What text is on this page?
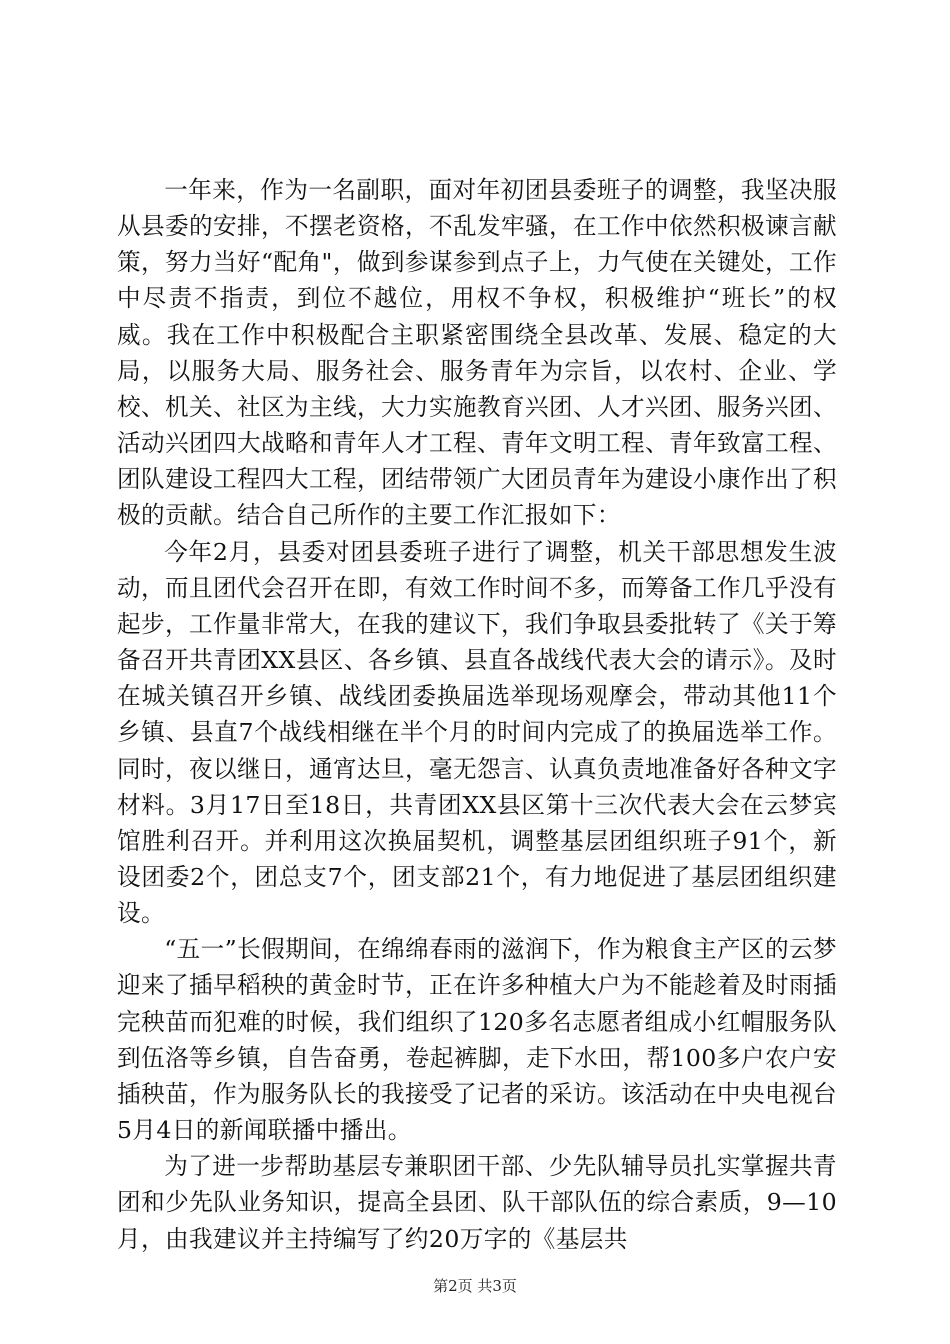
一年来，作为一名副职，面对年初团县委班子的调整，我坚决服从县委的安排，不摆老资格，不乱发牢骚，在工作中依然积极谏言献策，努力当好“配角"，做到参谋参到点子上，力气使在关键处，工作中尽责不指责，到位不越位，用权不争权，积极维护“班长”的权威。我在工作中积极配合主职紧密围绕全县改革、发展、稳定的大局，以服务大局、服务社会、服务青年为宗旨，以农村、企业、学校、机关、社区为主线，大力实施教育兴团、人才兴团、服务兴团、活动兴团四大战略和青年人才工程、青年文明工程、青年致富工程、团队建设工程四大工程，团结带领广大团员青年为建设小康作出了积极的贡献。结合自己所作的主要工作汇报如下：

今年2月，县委对团县委班子进行了调整，机关干部思想发生波动，而且团代会召开在即，有效工作时间不多，而筹备工作几乎没有起步，工作量非常大，在我的建议下，我们争取县委批转了《关于筹备召开共青团XX县区、各乡镇、县直各战线代表大会的请示》。及时在城关镇召开乡镇、战线团委换届选举现场观摩会，带动其他11个乡镇、县直7个战线相继在半个月的时间内完成了的换届选举工作。同时，夜以继日，通宵达旦，毫无怨言、认真负责地准备好各种文字材料。3月17日至18日，共青团XX县区第十三次代表大会在云梦宾馆胜利召开。并利用这次换届契机，调整基层团组织班子91个，新设团委2个，团总支7个，团支部21个，有力地促进了基层团组织建设。

“五一”长假期间，在绵绵春雨的滋润下，作为粮食主产区的云梦迎来了插早稻秧的黄金时节，正在许多种植大户为不能趁着及时雨插完秧苗而犯难的时候，我们组织了120多名志愿者组成小红帽服务队到伍洛等乡镇，自告奋勇，卷起裤脚，走下水田，帮100多户农户安插秧苗，作为服务队长的我接受了记者的采访。该活动在中央电视台5月4日的新闻联播中播出。

为了进一步帮助基层专兼职团干部、少先队辅导员扎实掌握共青团和少先队业务知识，提高全县团、队干部队伍的综合素质，9—10月，由我建议并主持编写了约20万字的《基层共

第2页 共3页
